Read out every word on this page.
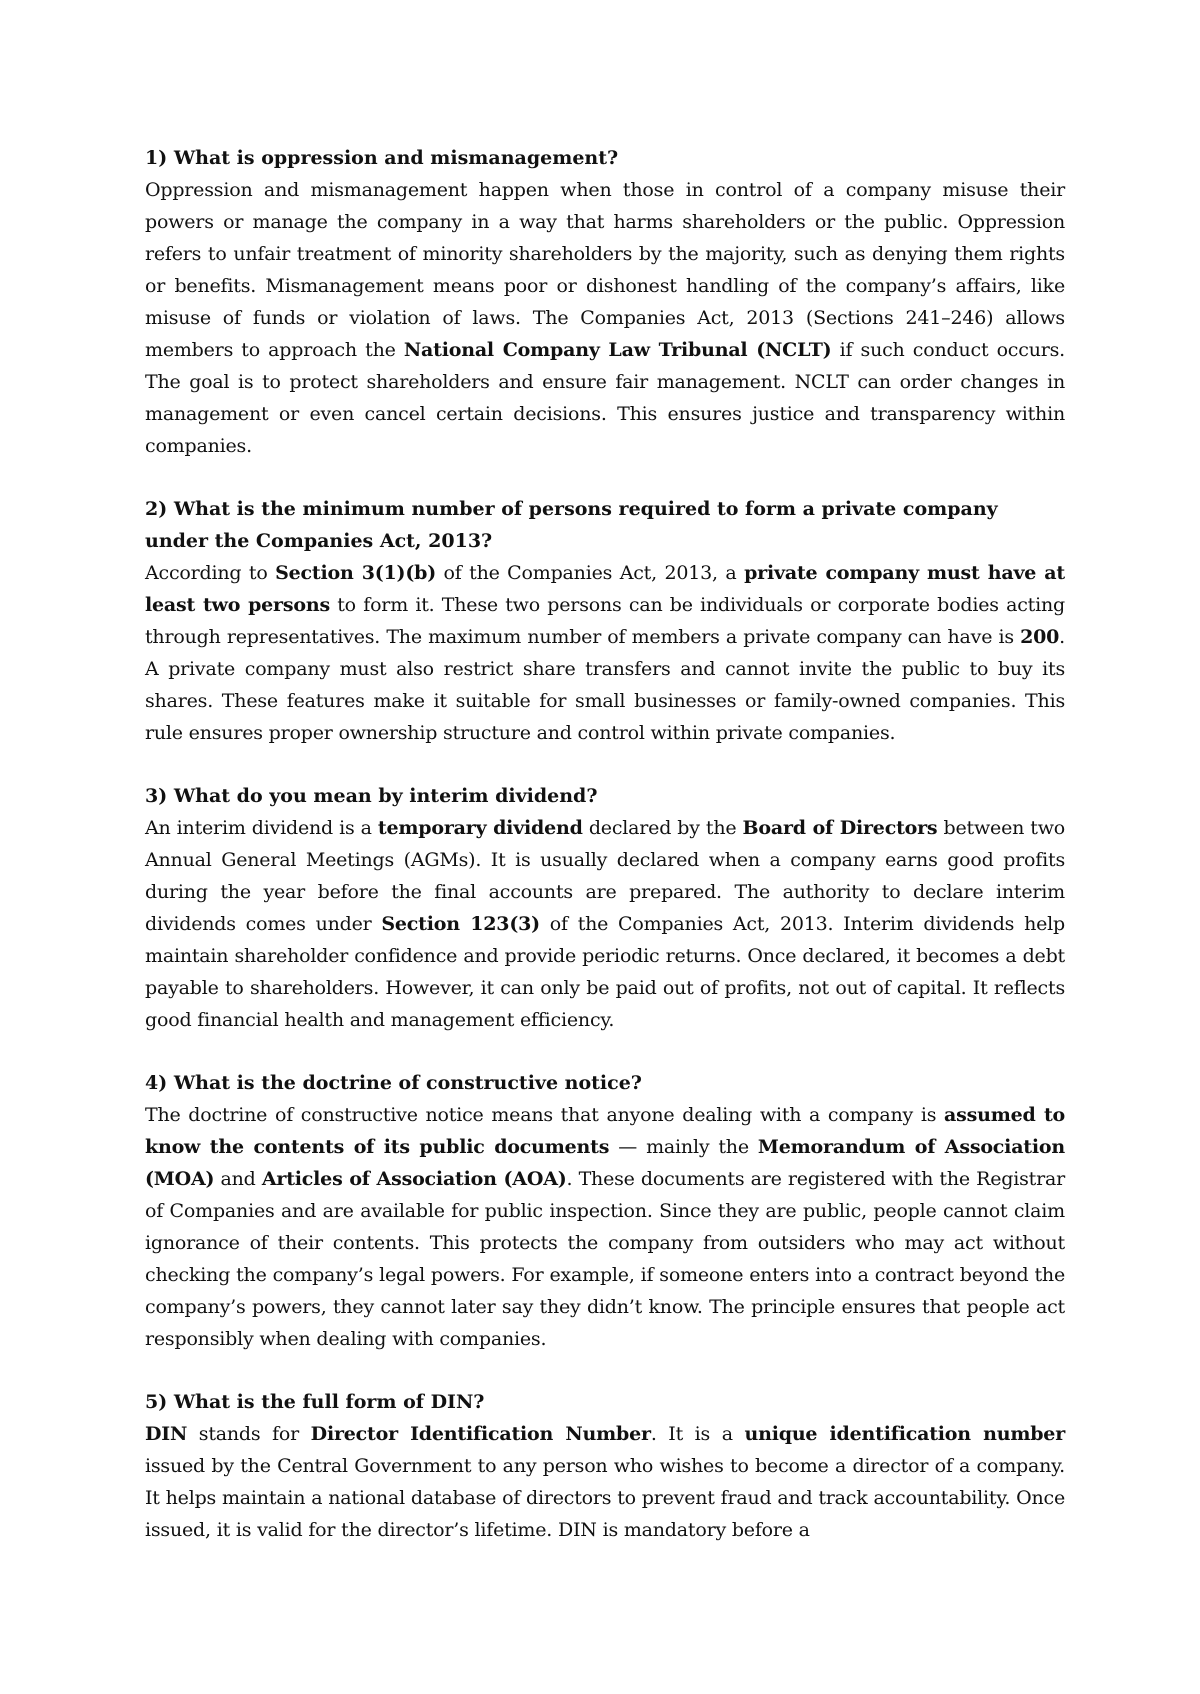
1) What is oppression and mismanagement?

Oppression and mismanagement happen when those in control of a company misuse their powers or manage the company in a way that harms shareholders or the public. Oppression refers to unfair treatment of minority shareholders by the majority, such as denying them rights or benefits. Mismanagement means poor or dishonest handling of the company’s affairs, like misuse of funds or violation of laws. The Companies Act, 2013 (Sections 241–246) allows members to approach the National Company Law Tribunal (NCLT) if such conduct occurs. The goal is to protect shareholders and ensure fair management. NCLT can order changes in management or even cancel certain decisions. This ensures justice and transparency within companies.

2) What is the minimum number of persons required to form a private company under the Companies Act, 2013?

According to Section 3(1)(b) of the Companies Act, 2013, a private company must have at least two persons to form it. These two persons can be individuals or corporate bodies acting through representatives. The maximum number of members a private company can have is 200. A private company must also restrict share transfers and cannot invite the public to buy its shares. These features make it suitable for small businesses or family-owned companies. This rule ensures proper ownership structure and control within private companies.

3) What do you mean by interim dividend?

An interim dividend is a temporary dividend declared by the Board of Directors between two Annual General Meetings (AGMs). It is usually declared when a company earns good profits during the year before the final accounts are prepared. The authority to declare interim dividends comes under Section 123(3) of the Companies Act, 2013. Interim dividends help maintain shareholder confidence and provide periodic returns. Once declared, it becomes a debt payable to shareholders. However, it can only be paid out of profits, not out of capital. It reflects good financial health and management efficiency.

4) What is the doctrine of constructive notice?

The doctrine of constructive notice means that anyone dealing with a company is assumed to know the contents of its public documents — mainly the Memorandum of Association (MOA) and Articles of Association (AOA). These documents are registered with the Registrar of Companies and are available for public inspection. Since they are public, people cannot claim ignorance of their contents. This protects the company from outsiders who may act without checking the company’s legal powers. For example, if someone enters into a contract beyond the company’s powers, they cannot later say they didn’t know. The principle ensures that people act responsibly when dealing with companies.

5) What is the full form of DIN?

DIN stands for Director Identification Number. It is a unique identification number issued by the Central Government to any person who wishes to become a director of a company. It helps maintain a national database of directors to prevent fraud and track accountability. Once issued, it is valid for the director’s lifetime. DIN is mandatory before a
